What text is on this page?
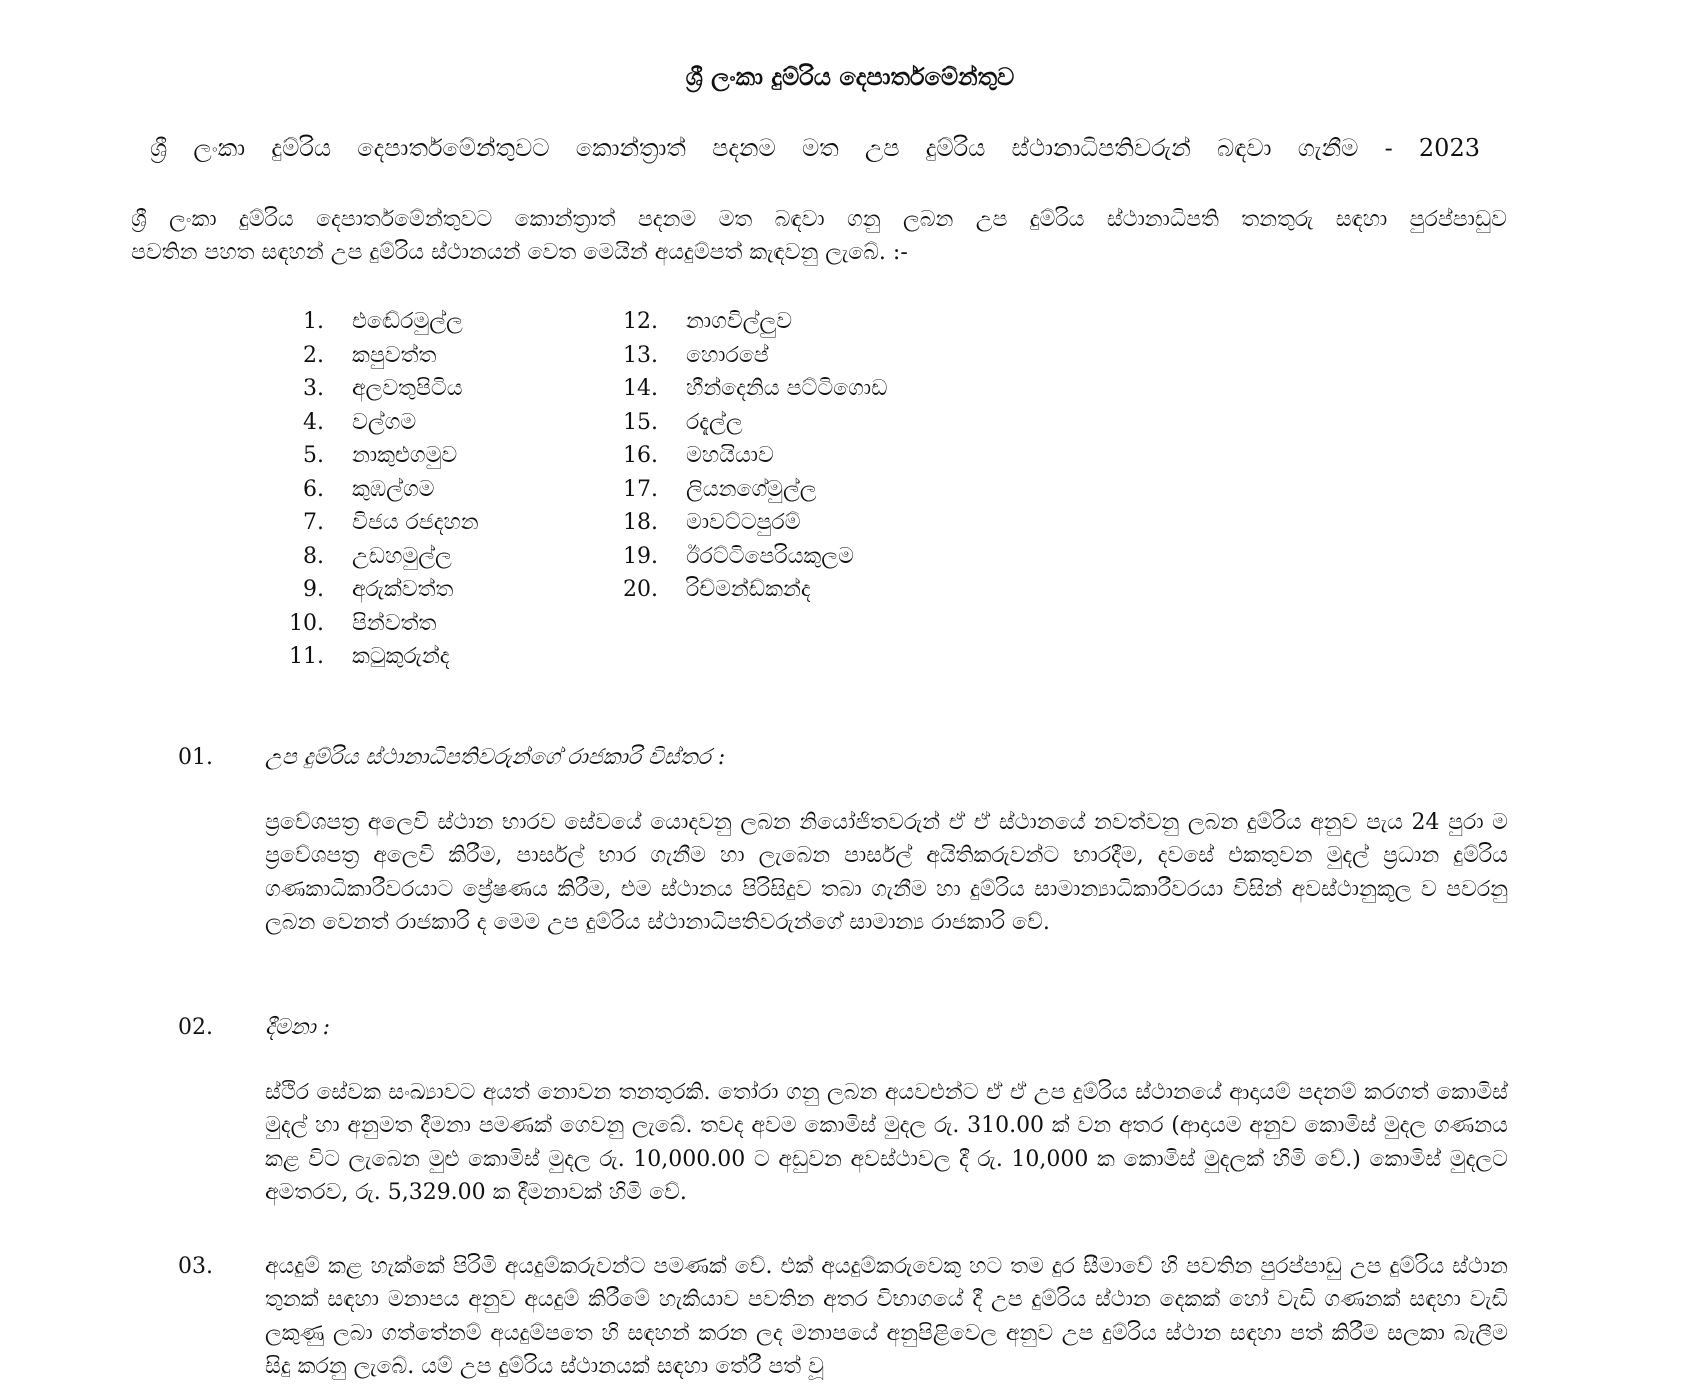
ශ්‍රී ලංකා දුම්රිය දෙපාර්තමේන්තුව
ශ්‍රී ලංකා දුම්රිය දෙපාර්තමේන්තුවට කොන්ත්‍රාත් පදනම මත උප දුම්රිය ස්ථානාධිපතිවරුන් බඳවා ගැනීම - 2023
ශ්‍රී ලංකා දුම්රිය දෙපාර්තමේන්තුවට කොන්ත්‍රාත් පදනම මත බඳවා ගනු ලබන උප දුම්රිය ස්ථානාධිපති තනතුරු සඳහා පුරප්පාඩුව
පවතින පහත සඳහන් උප දුම්රිය ස්ථානයන් වෙත මෙයින් අයදුම්පත් කැඳවනු ලැබේ. :-
1. එඬේරමුල්ල
2. කපුවත්ත
3. අලවතුපිටිය
4. වල්ගම
5. නාකුළුගමුව
6. කුඹල්ගම
7. විජය රජදහන
8. උඩහමුල්ල
9. අරුක්වත්ත
10. පින්වත්ත
11. කටුකුරුන්ද
12. නාගවිල්ලුව
13. හොරපේ
14. හීන්දෙනිය පට්ටිගොඩ
15. රදැල්ල
16. මහයියාව
17. ලියනගේමුල්ල
18. මාවට්ටපුරම්
19. ඊරට්ටිපෙරියකුලම
20. රිච්මන්ඩ්කන්ද
01.	උප දුම්රිය ස්ථානාධිපතිවරුන්ගේ රාජකාරි විස්තර :
ප්‍රවේශපත්‍ර අලෙවි ස්ථාන භාරව සේවයේ යොදවනු ලබන නියෝජිතවරුන් ඒ ඒ ස්ථානයේ නවත්වනු ලබන දුම්රිය අනුව පැය 24 පුරා ම ප්‍රවේශපත්‍ර අලෙවි කිරීම, පාර්සල් භාර ගැනීම හා ලැබෙන පාර්සල් අයිතිකරුවන්ට භාරදීම, දවසේ එකතුවන මුදල් ප්‍රධාන දුම්රිය ගණකාධිකාරීවරයාට ප්‍රේෂණය කිරීම, එම ස්ථානය පිරිසිදුව තබා ගැනීම හා දුම්රිය සාමාන්‍යාධිකාරීවරයා විසින් අවස්ථානුකූල ව පවරනු ලබන වෙනත් රාජකාරි ද මෙම උප දුම්රිය ස්ථානාධිපතිවරුන්ගේ සාමාන්‍ය රාජකාරි වේ.
02.	දීමනා :
ස්ථිර සේවක සංඛ්‍යාවට අයත් නොවන තනතුරකි. තෝරා ගනු ලබන අයවළුන්ට ඒ ඒ උප දුම්රිය ස්ථානයේ ආදායම් පදනම් කරගත් කොමිස් මුදල් හා අනුමත දීමනා පමණක් ගෙවනු ලැබේ. තවද අවම කොමිස් මුදල රු. 310.00 ක් වන අතර (ආදායම අනුව කොමිස් මුදල ගණනය කළ විට ලැබෙන මුළු කොමිස් මුදල රු. 10,000.00 ට අඩුවන අවස්ථාවල දී රු. 10,000 ක කොමිස් මුදලක් හිමි වේ.) කොමිස් මුදලට අමතරව, රු. 5,329.00 ක දීමනාවක් හිමි වේ.
03.	අයදුම් කළ හැක්කේ පිරිමි අයදුම්කරුවන්ට පමණක් වේ. එක් අයදුම්කරුවෙකු හට තම දුර සීමාවේ හි පවතින පුරප්පාඩු උප දුම්රිය ස්ථාන තුනක් සඳහා මනාපය අනුව අයදුම් කිරීමේ හැකියාව පවතින අතර විභාගයේ දී උප දුම්රිය ස්ථාන දෙකක් හෝ වැඩි ගණනක් සඳහා වැඩි ලකුණු ලබා ගත්තේනම් අයදුම්පතෙ හි සඳහන් කරන ලද මනාපයේ අනුපිළිවෙල අනුව උප දුම්රිය ස්ථාන සඳහා පත් කිරීම සලකා බැලීම සිදු කරනු ලැබේ. යම් උප දුම්රිය ස්ථානයක් සඳහා තේරී පත් වූ
